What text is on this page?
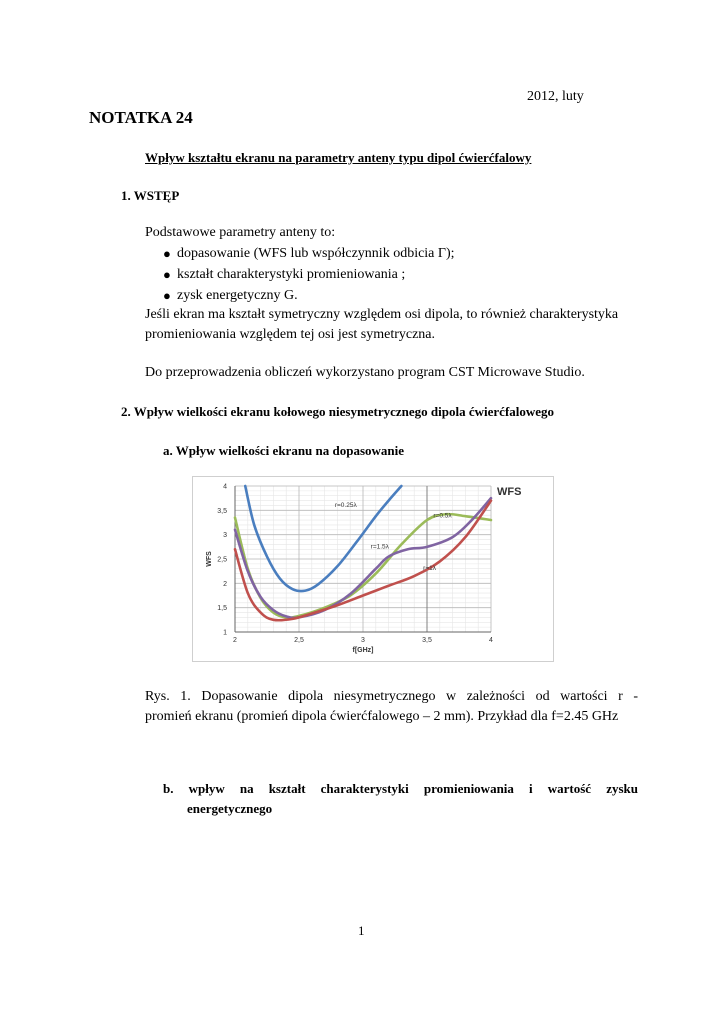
2012, luty
NOTATKA 24
Wpływ kształtu ekranu na parametry anteny typu dipol ćwierćfalowy
1. WSTĘP
Podstawowe parametry anteny to:
● dopasowanie (WFS lub współczynnik odbicia Γ);
● kształt charakterystyki promieniowania ;
● zysk energetyczny G.
Jeśli ekran ma kształt symetryczny względem osi dipola, to również charakterystyka
promieniowania względem tej osi jest symetryczna.
Do przeprowadzenia obliczeń wykorzystano program CST Microwave Studio.
2. Wpływ wielkości ekranu kołowego niesymetrycznego dipola ćwierćfalowego
a. Wpływ wielkości ekranu na dopasowanie
2	2,5	3	3,5	4
1
1,5
2
2,5
3
3,5
4
f[GHz]
WFS
WFS
r=0.25λ
r=0.5λ
r=1.5λ
r=1λ
Rys. 1. Dopasowanie dipola niesymetrycznego w zależności od wartości r -
promień ekranu (promień dipola ćwierćfalowego – 2 mm). Przykład dla f=2.45 GHz
b. wpływ na kształt charakterystyki promieniowania i wartość zysku
energetycznego
1
